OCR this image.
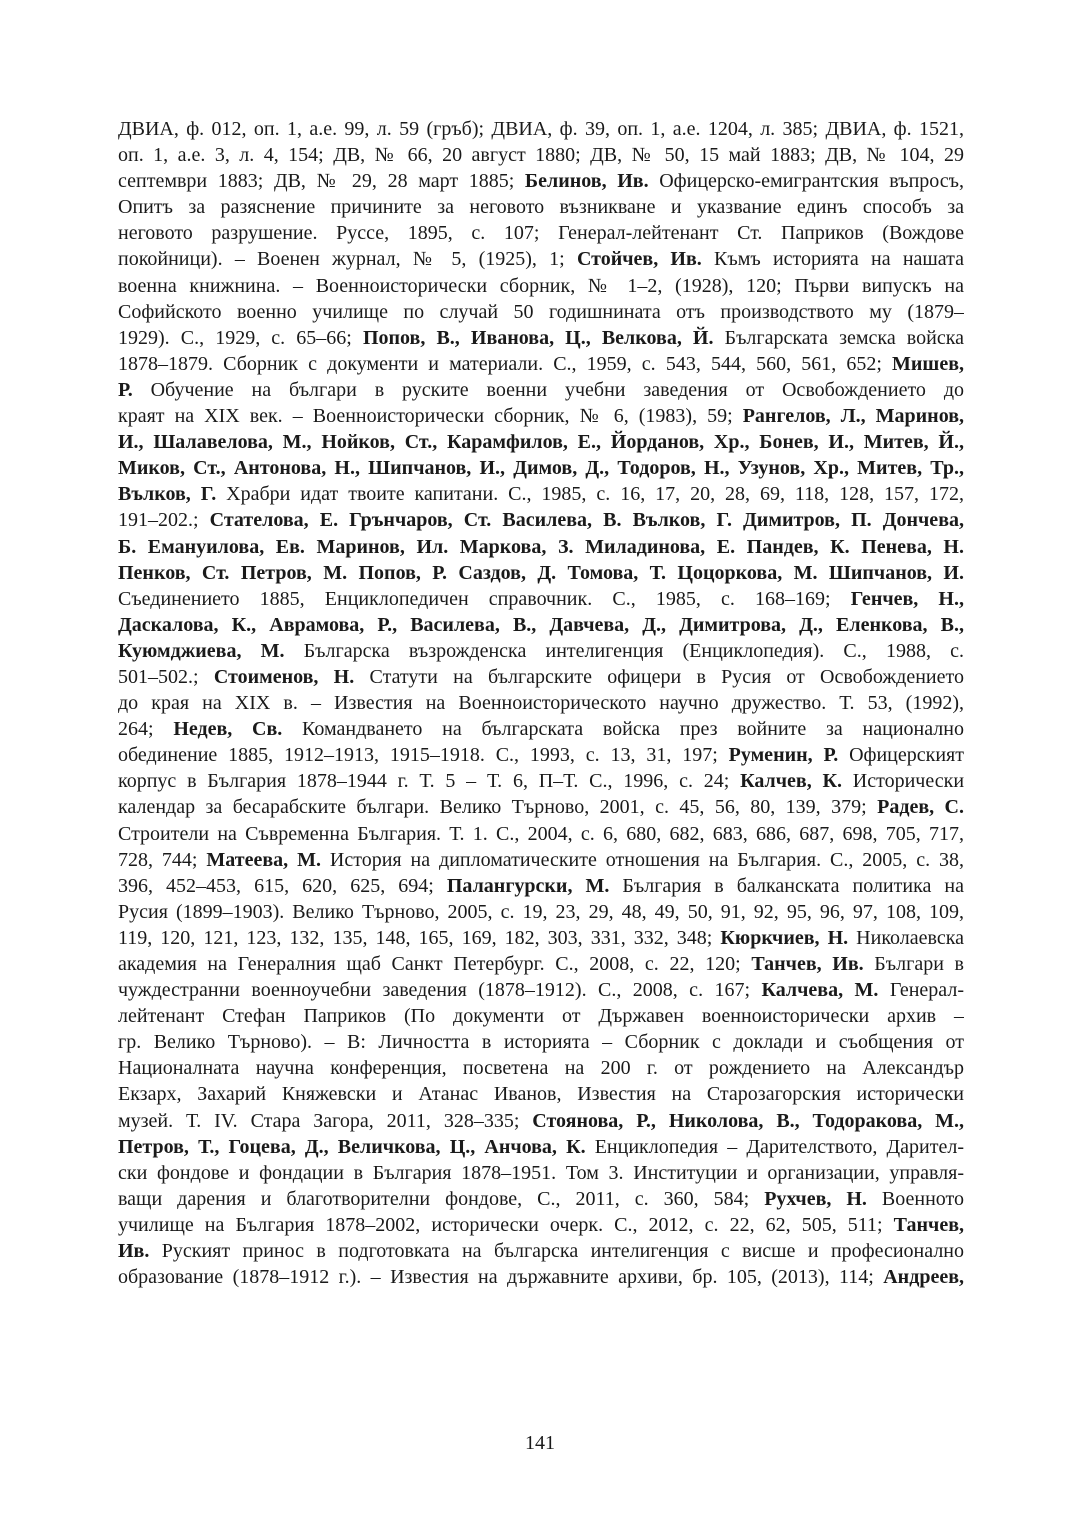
ДВИА, ф. 012, оп. 1, а.е. 99, л. 59 (гръб); ДВИА, ф. 39, оп. 1, а.е. 1204, л. 385; ДВИА, ф. 1521,
оп. 1, а.е. 3, л. 4, 154; ДВ, № 66, 20 август 1880; ДВ, № 50, 15 май 1883; ДВ, № 104, 29
септември 1883; ДВ, № 29, 28 март 1885; Белинов, Ив. Офицерско-емигрантския въпросъ,
Опитъ за разяснение причините за неговото възникване и указвание единъ способъ за
неговото разрушение. Руссе, 1895, с. 107; Генерал-лейтенант Ст. Паприков (Вождове
покойници). – Военен журнал, № 5, (1925), 1; Стойчев, Ив. Къмъ историята на нашата
военна книжнина. – Военноисторически сборник, № 1–2, (1928), 120; Първи випускъ на
Софийското военно училище по случай 50 годишнината отъ производството му (1879–
1929). С., 1929, с. 65–66; Попов, В., Иванова, Ц., Велкова, Й. Българската земска войска
1878–1879. Сборник с документи и материали. С., 1959, с. 543, 544, 560, 561, 652; Мишев,
Р. Обучение на българи в руските военни учебни заведения от Освобождението до
краят на XIX век. – Военноисторически сборник, № 6, (1983), 59; Рангелов, Л., Маринов,
И., Шалавелова, М., Нойков, Ст., Карамфилов, Е., Йорданов, Хр., Бонев, И., Митев, Й.,
Миков, Ст., Антонова, Н., Шипчанов, И., Димов, Д., Тодоров, Н., Узунов, Хр., Митев, Тр.,
Вълков, Г. Храбри идат твоите капитани. С., 1985, с. 16, 17, 20, 28, 69, 118, 128, 157, 172,
191–202.; Стателова, Е. Грънчаров, Ст. Василева, В. Вълков, Г. Димитров, П. Дончева,
Б. Емануилова, Ев. Маринов, Ил. Маркова, З. Миладинова, Е. Пандев, К. Пенева, Н.
Пенков, Ст. Петров, М. Попов, Р. Саздов, Д. Томова, Т. Цоцоркова, М. Шипчанов, И.
Съединението 1885, Енциклопедичен справочник. С., 1985, с. 168–169; Генчев, Н.,
Даскалова, К., Аврамова, Р., Василева, В., Давчева, Д., Димитрова, Д., Еленкова, В.,
Куюмджиева, М. Българска възрожденска интелигенция (Енциклопедия). С., 1988, с.
501–502.; Стоименов, Н. Статути на българските офицери в Русия от Освобождението
до края на XIX в. – Известия на Военноисторическото научно дружество. Т. 53, (1992),
264; Недев, Св. Командването на българската войска през войните за национално
обединение 1885, 1912–1913, 1915–1918. С., 1993, с. 13, 31, 197; Руменин, Р. Офицерският
корпус в България 1878–1944 г. Т. 5 – Т. 6, П–Т. С., 1996, с. 24; Калчев, К. Исторически
календар за бесарабските българи. Велико Търново, 2001, с. 45, 56, 80, 139, 379; Радев, С.
Строители на Съвременна България. Т. 1. С., 2004, с. 6, 680, 682, 683, 686, 687, 698, 705, 717,
728, 744; Матеева, М. История на дипломатическите отношения на България. С., 2005, с. 38,
396, 452–453, 615, 620, 625, 694; Палангурски, М. България в балканската политика на
Русия (1899–1903). Велико Търново, 2005, с. 19, 23, 29, 48, 49, 50, 91, 92, 95, 96, 97, 108, 109,
119, 120, 121, 123, 132, 135, 148, 165, 169, 182, 303, 331, 332, 348; Кюркчиев, Н. Николаевска
академия на Генералния щаб Санкт Петербург. С., 2008, с. 22, 120; Танчев, Ив. Българи в
чуждестранни военноучебни заведения (1878–1912). С., 2008, с. 167; Калчева, М. Генерал-
лейтенант Стефан Паприков (По документи от Държавен военноисторически архив –
гр. Велико Търново). – В: Личността в историята – Сборник с доклади и съобщения от
Националната научна конференция, посветена на 200 г. от рождението на Александър
Екзарх, Захарий Княжевски и Атанас Иванов, Известия на Старозагорския исторически
музей. Т. IV. Стара Загора, 2011, 328–335; Стоянова, Р., Николова, В., Тодоракова, М.,
Петров, Т., Гоцева, Д., Величкова, Ц., Анчова, К. Енциклопедия – Дарителството, Дарител-
ски фондове и фондации в България 1878–1951. Том 3. Институции и организации, управля-
ващи дарения и благотворителни фондове, С., 2011, с. 360, 584; Рухчев, Н. Военното
училище на България 1878–2002, исторически очерк. С., 2012, с. 22, 62, 505, 511; Танчев,
Ив. Руският принос в подготовката на българска интелигенция с висше и професионално
образование (1878–1912 г.). – Известия на държавните архиви, бр. 105, (2013), 114; Андреев,
141
